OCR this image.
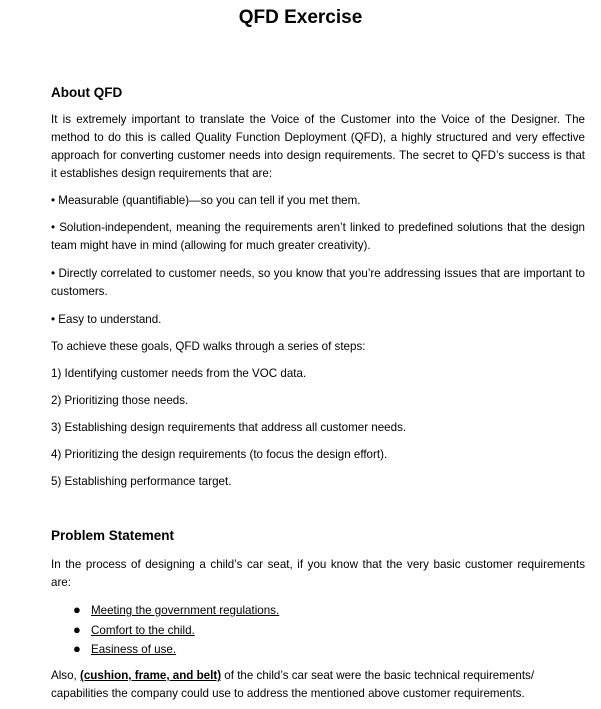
QFD Exercise
About QFD
It is extremely important to translate the Voice of the Customer into the Voice of the Designer. The method to do this is called Quality Function Deployment (QFD), a highly structured and very effective approach for converting customer needs into design requirements. The secret to QFD’s success is that it establishes design requirements that are:
• Measurable (quantifiable)—so you can tell if you met them.
• Solution-independent, meaning the requirements aren’t linked to predefined solutions that the design team might have in mind (allowing for much greater creativity).
• Directly correlated to customer needs, so you know that you’re addressing issues that are important to customers.
• Easy to understand.
To achieve these goals, QFD walks through a series of steps:
1) Identifying customer needs from the VOC data.
2) Prioritizing those needs.
3) Establishing design requirements that address all customer needs.
4) Prioritizing the design requirements (to focus the design effort).
5) Establishing performance target.
Problem Statement
In the process of designing a child’s car seat, if you know that the very basic customer requirements are:
● Meeting the government regulations.
● Comfort to the child.
● Easiness of use.
Also, (cushion, frame, and belt) of the child’s car seat were the basic technical requirements/ capabilities the company could use to address the mentioned above customer requirements.
